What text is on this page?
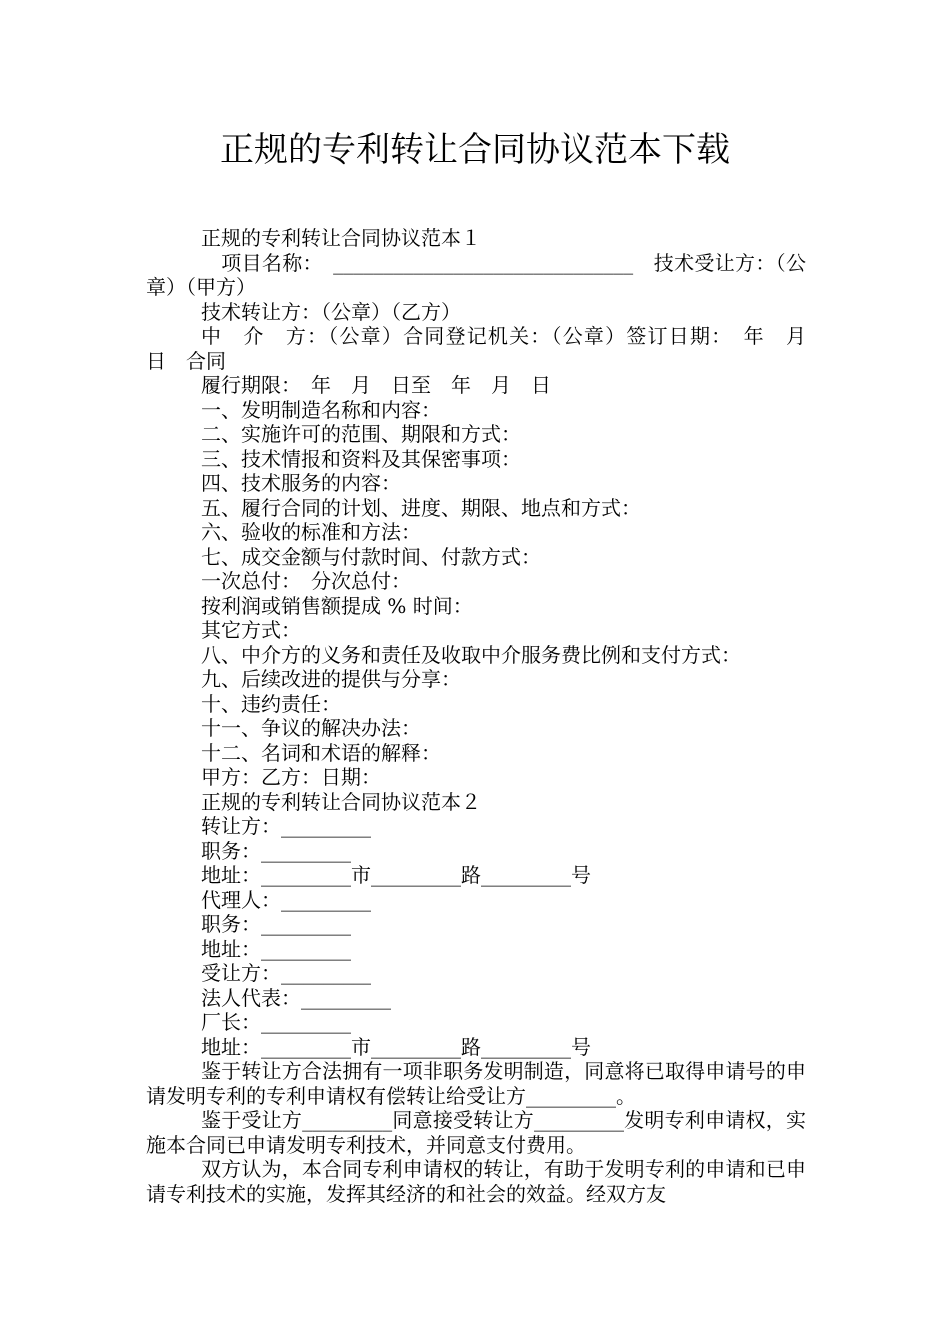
正规的专利转让合同协议范本下载
正规的专利转让合同协议范本１
　项目名称：　______________________________　技术受让方：（公章）（甲方）
技术转让方：（公章）（乙方）
中　介　方：（公章）合同登记机关：（公章）签订日期：　年　月　日　合同
履行期限：　年　月　日至　年　月　日
一、发明制造名称和内容：
二、实施许可的范围、期限和方式：
三、技术情报和资料及其保密事项：
四、技术服务的内容：
五、履行合同的计划、进度、期限、地点和方式：
六、验收的标准和方法：
七、成交金额与付款时间、付款方式：
一次总付：　分次总付：
按利润或销售额提成 % 时间：
其它方式：
八、中介方的义务和责任及收取中介服务费比例和支付方式：
九、后续改进的提供与分享：
十、违约责任：
十一、争议的解决办法：
十二、名词和术语的解释：
甲方：乙方：日期：
正规的专利转让合同协议范本２
转让方：_________
职务：_________
地址：_________市_________路_________号
代理人：_________
职务：_________
地址：_________
受让方：_________
法人代表：_________
厂长：_________
地址：_________市_________路_________号
鉴于转让方合法拥有一项非职务发明制造，同意将已取得申请号的申请发明专利的专利申请权有偿转让给受让方_________。
鉴于受让方_________同意接受转让方_________发明专利申请权，实施本合同已申请发明专利技术，并同意支付费用。
双方认为，本合同专利申请权的转让，有助于发明专利的申请和已申请专利技术的实施，发挥其经济的和社会的效益。经双方友
